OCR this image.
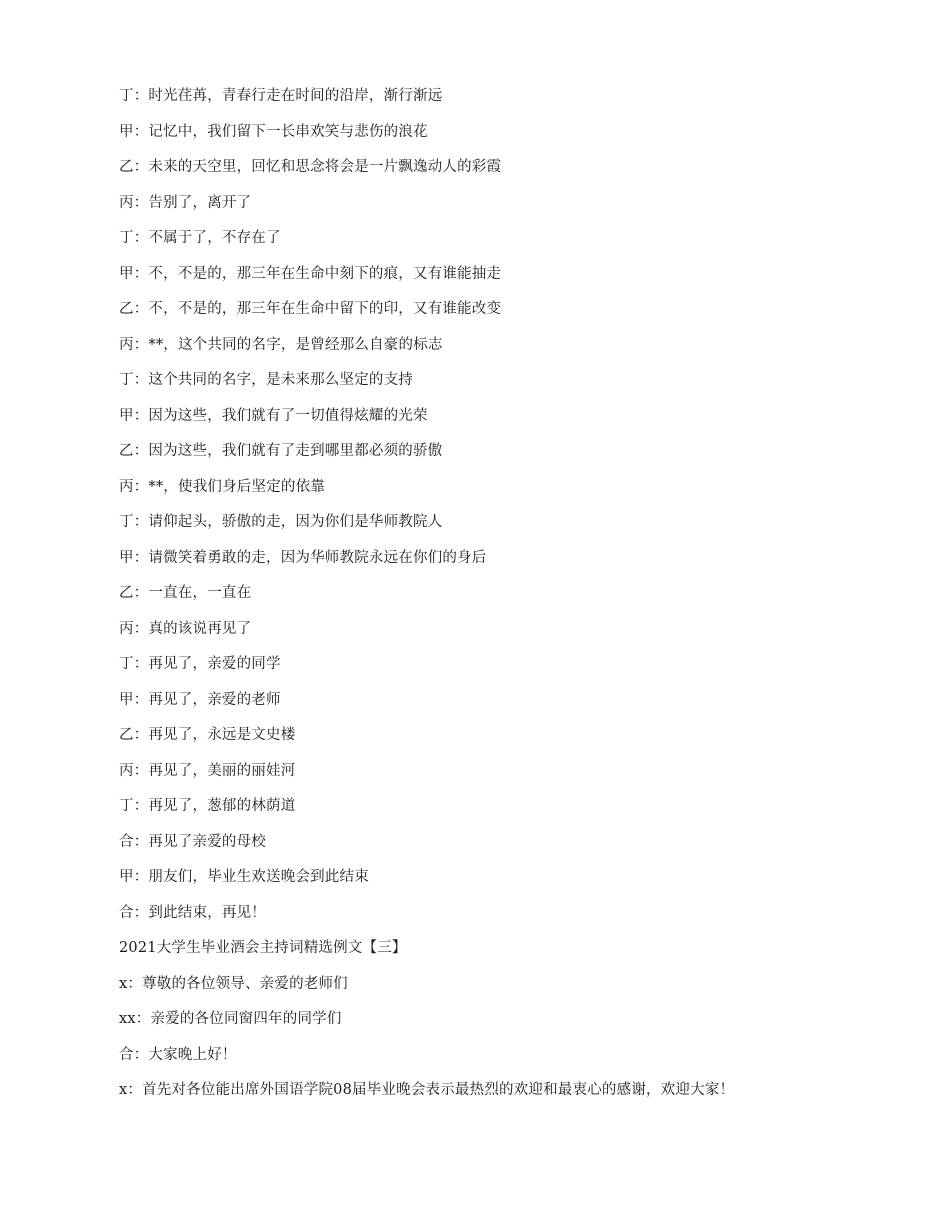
丁：时光荏苒，青春行走在时间的沿岸，渐行渐远

甲：记忆中，我们留下一长串欢笑与悲伤的浪花

乙：未来的天空里，回忆和思念将会是一片飘逸动人的彩霞

丙：告别了，离开了

丁：不属于了，不存在了

甲：不，不是的，那三年在生命中刻下的痕，又有谁能抽走

乙：不，不是的，那三年在生命中留下的印，又有谁能改变

丙：**，这个共同的名字，是曾经那么自豪的标志

丁：这个共同的名字，是未来那么坚定的支持

甲：因为这些，我们就有了一切值得炫耀的光荣

乙：因为这些，我们就有了走到哪里都必须的骄傲

丙：**，使我们身后坚定的依靠

丁：请仰起头，骄傲的走，因为你们是华师教院人

甲：请微笑着勇敢的走，因为华师教院永远在你们的身后

乙：一直在，一直在

丙：真的该说再见了

丁：再见了，亲爱的同学

甲：再见了，亲爱的老师

乙：再见了，永远是文史楼

丙：再见了，美丽的丽娃河

丁：再见了，葱郁的林荫道

合：再见了亲爱的母校

甲：朋友们，毕业生欢送晚会到此结束

合：到此结束，再见！

2021大学生毕业酒会主持词精选例文【三】

x：尊敬的各位领导、亲爱的老师们

xx：亲爱的各位同窗四年的同学们

合：大家晚上好！

x：首先对各位能出席外国语学院08届毕业晚会表示最热烈的欢迎和最衷心的感谢，欢迎大家！
